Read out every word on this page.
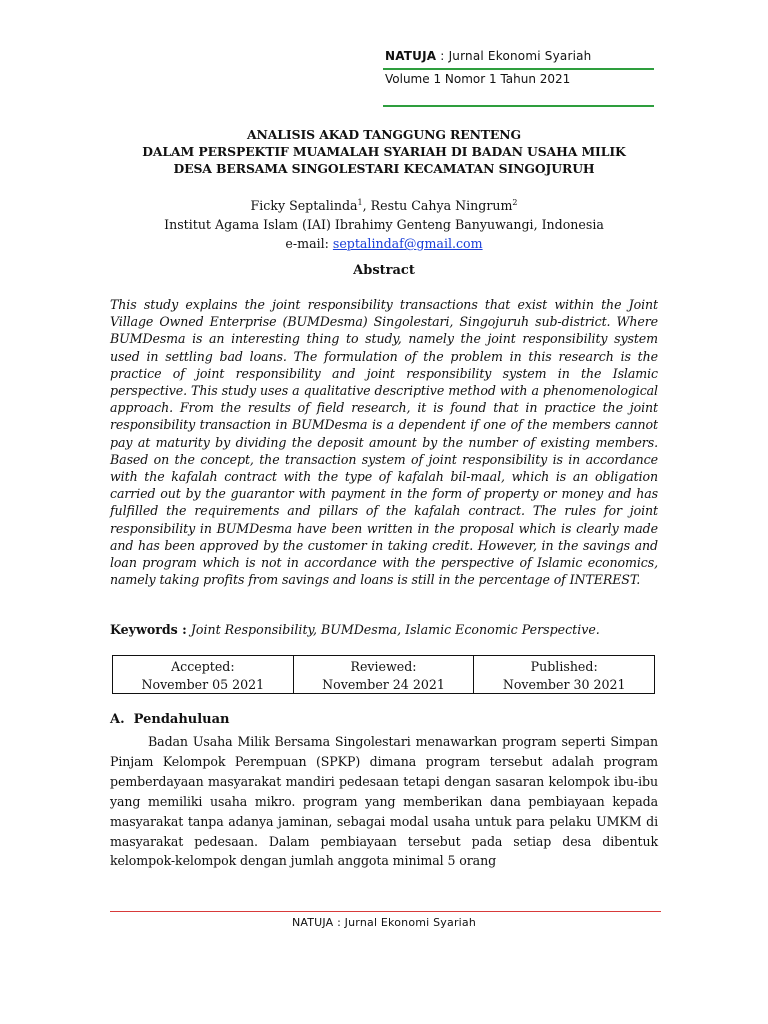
NATUJA : Jurnal Ekonomi Syariah
Volume 1 Nomor 1 Tahun 2021
ANALISIS AKAD TANGGUNG RENTENG
DALAM PERSPEKTIF MUAMALAH SYARIAH DI BADAN USAHA MILIK
DESA BERSAMA SINGOLESTARI KECAMATAN SINGOJURUH
Ficky Septalinda$^1$, Restu Cahya Ningrum$^2$
Institut Agama Islam (IAI) Ibrahimy Genteng Banyuwangi, Indonesia
e-mail: septalindaf@gmail.com
Abstract
This study explains the joint responsibility transactions that exist within the Joint Village Owned Enterprise (BUMDesma) Singolestari, Singojuruh sub-district. Where BUMDesma is an interesting thing to study, namely the joint responsibility system used in settling bad loans. The formulation of the problem in this research is the practice of joint responsibility and joint responsibility system in the Islamic perspective. This study uses a qualitative descriptive method with a phenomenological approach. From the results of field research, it is found that in practice the joint responsibility transaction in BUMDesma is a dependent if one of the members cannot pay at maturity by dividing the deposit amount by the number of existing members. Based on the concept, the transaction system of joint responsibility is in accordance with the kafalah contract with the type of kafalah bil-maal, which is an obligation carried out by the guarantor with payment in the form of property or money and has fulfilled the requirements and pillars of the kafalah contract. The rules for joint responsibility in BUMDesma have been written in the proposal which is clearly made and has been approved by the customer in taking credit. However, in the savings and loan program which is not in accordance with the perspective of Islamic economics, namely taking profits from savings and loans is still in the percentage of INTEREST.
Keywords : Joint Responsibility, BUMDesma, Islamic Economic Perspective.
Accepted:
November 05 2021
Reviewed:
November 24 2021
Published:
November 30 2021
A.  Pendahuluan

Badan Usaha Milik Bersama Singolestari menawarkan program seperti Simpan Pinjam Kelompok Perempuan (SPKP) dimana program tersebut adalah program pemberdayaan masyarakat mandiri pedesaan tetapi dengan sasaran kelompok ibu-ibu yang memiliki usaha mikro. program yang memberikan dana pembiayaan kepada masyarakat tanpa adanya jaminan, sebagai modal usaha untuk para pelaku UMKM di masyarakat pedesaan. Dalam pembiayaan tersebut pada setiap desa dibentuk kelompok-kelompok dengan jumlah anggota minimal 5 orang

NATUJA : Jurnal Ekonomi Syariah
